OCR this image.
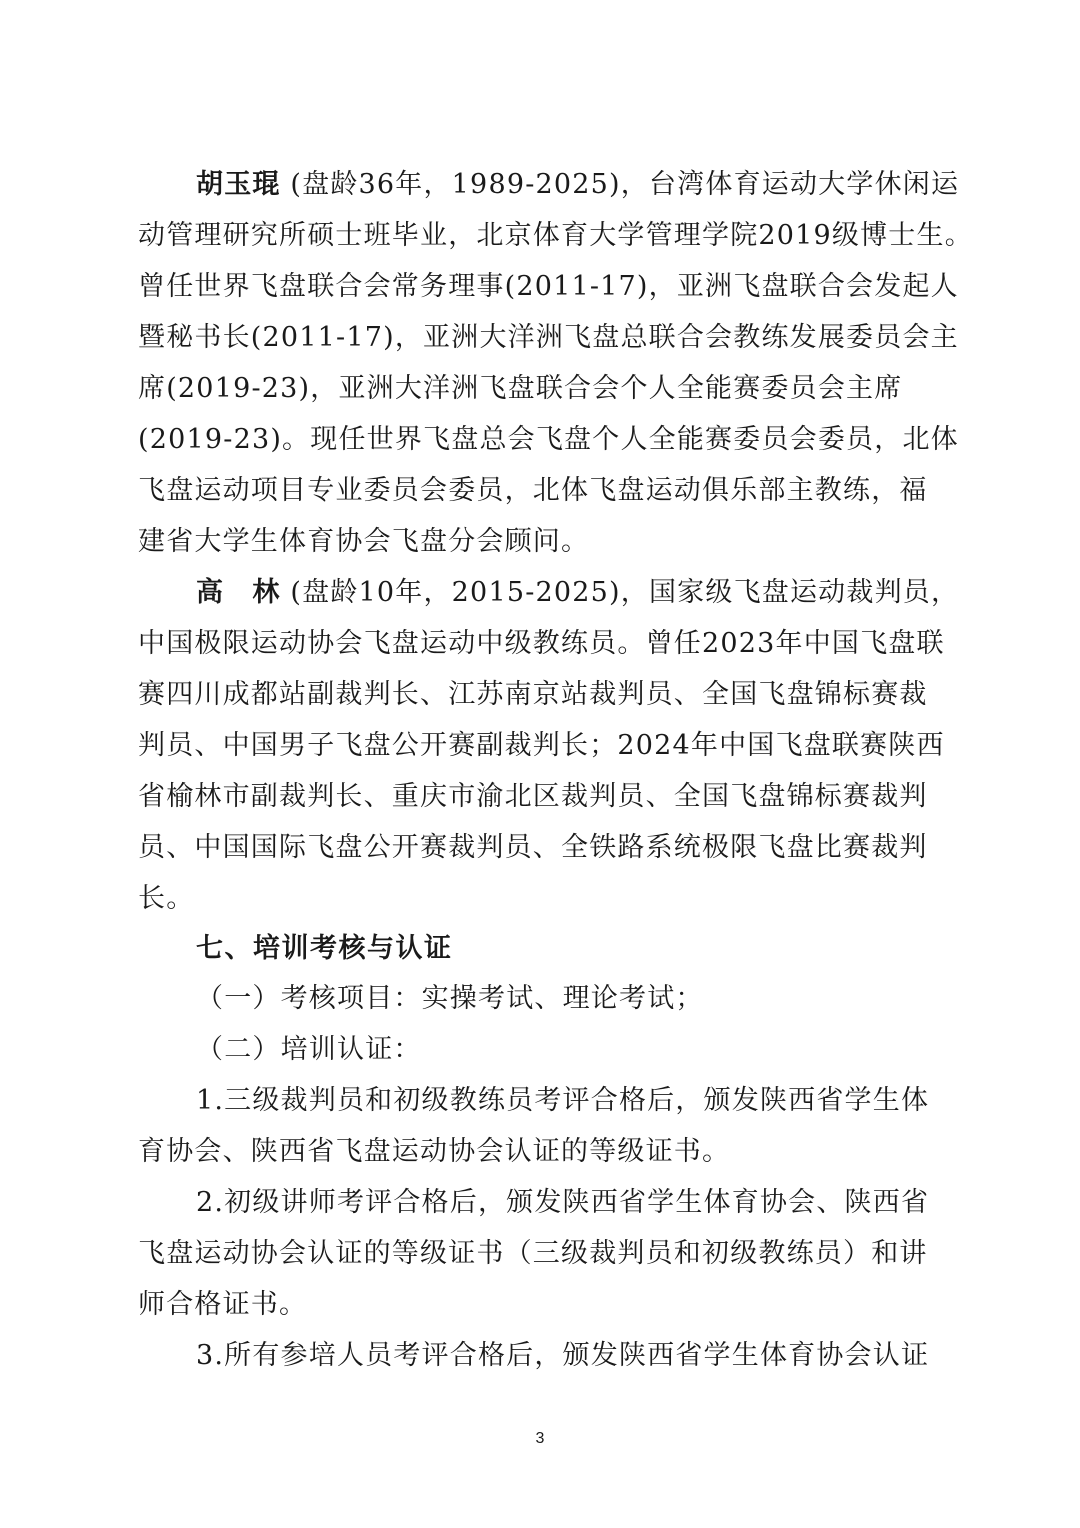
胡玉琨 (盘龄36年，1989-2025)，台湾体育运动大学休闲运
动管理研究所硕士班毕业，北京体育大学管理学院2019级博士生。
曾任世界飞盘联合会常务理事(2011-17)，亚洲飞盘联合会发起人
暨秘书长(2011-17)，亚洲大洋洲飞盘总联合会教练发展委员会主
席(2019-23)，亚洲大洋洲飞盘联合会个人全能赛委员会主席
(2019-23)。现任世界飞盘总会飞盘个人全能赛委员会委员，北体
飞盘运动项目专业委员会委员，北体飞盘运动俱乐部主教练，福
建省大学生体育协会飞盘分会顾问。
高　林 (盘龄10年，2015-2025)，国家级飞盘运动裁判员，
中国极限运动协会飞盘运动中级教练员。曾任2023年中国飞盘联
赛四川成都站副裁判长、江苏南京站裁判员、全国飞盘锦标赛裁
判员、中国男子飞盘公开赛副裁判长；2024年中国飞盘联赛陕西
省榆林市副裁判长、重庆市渝北区裁判员、全国飞盘锦标赛裁判
员、中国国际飞盘公开赛裁判员、全铁路系统极限飞盘比赛裁判
长。
七、培训考核与认证
（一）考核项目：实操考试、理论考试；
（二）培训认证：
1.三级裁判员和初级教练员考评合格后，颁发陕西省学生体
育协会、陕西省飞盘运动协会认证的等级证书。
2.初级讲师考评合格后，颁发陕西省学生体育协会、陕西省
飞盘运动协会认证的等级证书（三级裁判员和初级教练员）和讲
师合格证书。
3.所有参培人员考评合格后，颁发陕西省学生体育协会认证
3
